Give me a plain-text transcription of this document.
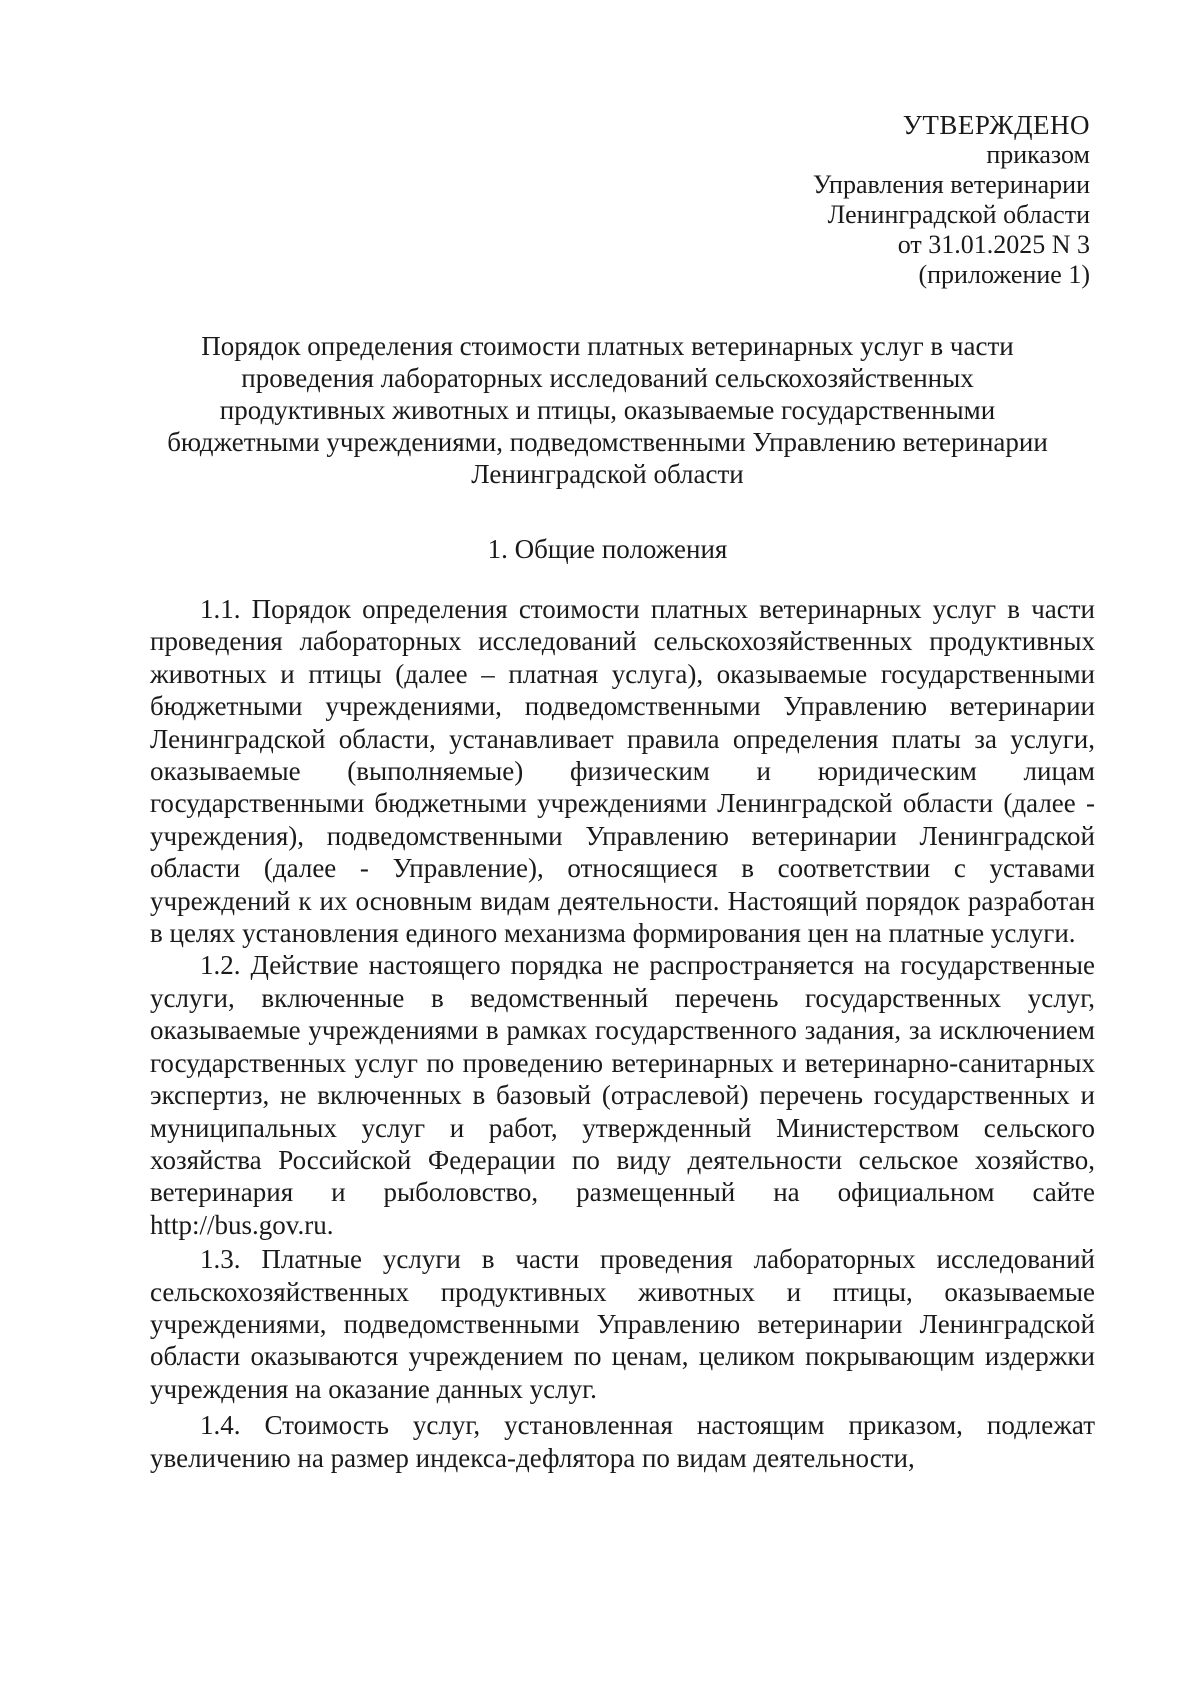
УТВЕРЖДЕНО
приказом
Управления ветеринарии
Ленинградской области
от 31.01.2025 N 3
(приложение 1)
Порядок определения стоимости платных ветеринарных услуг в части
проведения лабораторных исследований сельскохозяйственных
продуктивных животных и птицы, оказываемые государственными
бюджетными учреждениями, подведомственными Управлению ветеринарии
Ленинградской области
1. Общие положения

1.1. Порядок определения стоимости платных ветеринарных услуг в части проведения лабораторных исследований сельскохозяйственных продуктивных животных и птицы (далее – платная услуга), оказываемые государственными бюджетными учреждениями, подведомственными Управлению ветеринарии Ленинградской области, устанавливает правила определения платы за услуги, оказываемые (выполняемые) физическим и юридическим лицам государственными бюджетными учреждениями Ленинградской области (далее - учреждения), подведомственными Управлению ветеринарии Ленинградской области (далее - Управление), относящиеся в соответствии с уставами учреждений к их основным видам деятельности. Настоящий порядок разработан в целях установления единого механизма формирования цен на платные услуги.

1.2. Действие настоящего порядка не распространяется на государственные услуги, включенные в ведомственный перечень государственных услуг, оказываемые учреждениями в рамках государственного задания, за исключением государственных услуг по проведению ветеринарных и ветеринарно-санитарных экспертиз, не включенных в базовый (отраслевой) перечень государственных и муниципальных услуг и работ, утвержденный Министерством сельского хозяйства Российской Федерации по виду деятельности сельское хозяйство, ветеринария и рыболовство, размещенный на официальном сайте http://bus.gov.ru.

1.3. Платные услуги в части проведения лабораторных исследований сельскохозяйственных продуктивных животных и птицы, оказываемые учреждениями, подведомственными Управлению ветеринарии Ленинградской области оказываются учреждением по ценам, целиком покрывающим издержки учреждения на оказание данных услуг.

1.4. Стоимость услуг, установленная настоящим приказом, подлежат увеличению на размер индекса-дефлятора по видам деятельности,
